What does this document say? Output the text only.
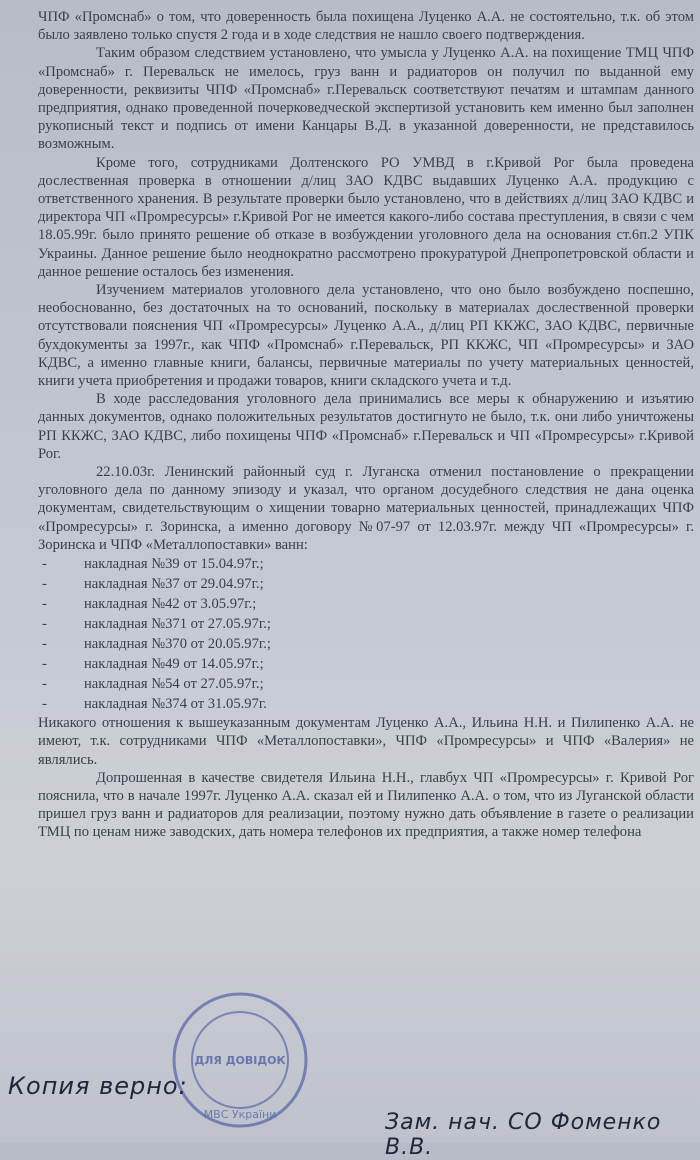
ЧПФ «Промснаб» о том, что доверенность была похищена Луценко А.А. не состоятельно, т.к. об этом было заявлено только спустя 2 года и в ходе следствия не нашло своего подтверждения.

Таким образом следствием установлено, что умысла у Луценко А.А. на похищение ТМЦ ЧПФ «Промснаб» г. Перевальск не имелось, груз ванн и радиаторов он получил по выданной ему доверенности, реквизиты ЧПФ «Промснаб» г.Перевальск соответствуют печатям и штампам данного предприятия, однако проведенной почерковедческой экспертизой установить кем именно был заполнен рукописный текст и подпись от имени Канцары В.Д. в указанной доверенности, не представилось возможным.

Кроме того, сотрудниками Долтенского РО УМВД в г.Кривой Рог была проведена дослественная проверка в отношении д/лиц ЗАО КДВС выдавших Луценко А.А. продукцию с ответственного хранения. В результате проверки было установлено, что в действиях д/лиц ЗАО КДВС и директора ЧП «Промресурсы» г.Кривой Рог не имеется какого-либо состава преступления, в связи с чем 18.05.99г. было принято решение об отказе в возбуждении уголовного дела на основания ст.6п.2 УПК Украины. Данное решение было неоднократно рассмотрено прокуратурой Днепропетровской области и данное решение осталось без изменения.

Изучением материалов уголовного дела установлено, что оно было возбуждено поспешно, необоснованно, без достаточных на то оснований, поскольку в материалах дослественной проверки отсутствовали пояснения ЧП «Промресурсы» Луценко А.А., д/лиц РП ККЖС, ЗАО КДВС, первичные бухдокументы за 1997г., как ЧПФ «Промснаб» г.Перевальск, РП ККЖС, ЧП «Промресурсы» и ЗАО КДВС, а именно главные книги, балансы, первичные материалы по учету материальных ценностей, книги учета приобретения и продажи товаров, книги складского учета и т.д.

В ходе расследования уголовного дела принимались все меры к обнаружению и изъятию данных документов, однако положительных результатов достигнуто не было, т.к. они либо уничтожены РП ККЖС, ЗАО КДВС, либо похищены ЧПФ «Промснаб» г.Перевальск и ЧП «Промресурсы» г.Кривой Рог.

22.10.03г. Ленинский районный суд г. Луганска отменил постановление о прекращении уголовного дела по данному эпизоду и указал, что органом досудебного следствия не дана оценка документам, свидетельствующим о хищении товарно материальных ценностей, принадлежащих ЧПФ «Промресурсы» г. Зоринска, а именно договору №07-97 от 12.03.97г. между ЧП «Промресурсы» г. Зоринска и ЧПФ «Металлопоставки» ванн:

-	накладная №39 от 15.04.97г.;
-	накладная №37 от 29.04.97г.;
-	накладная №42 от 3.05.97г.;
-	накладная №371 от 27.05.97г.;
-	накладная №370 от 20.05.97г.;
-	накладная №49 от 14.05.97г.;
-	накладная №54 от 27.05.97г.;
-	накладная №374 от 31.05.97г.

Никакого отношения к вышеуказанным документам Луценко А.А., Ильина Н.Н. и Пилипенко А.А. не имеют, т.к. сотрудниками ЧПФ «Металлопоставки», ЧПФ «Промресурсы» и ЧПФ «Валерия» не являлись.

Допрошенная в качестве свидетеля Ильина Н.Н., главбух ЧП «Промресурсы» г. Кривой Рог пояснила, что в начале 1997г. Луценко А.А. сказал ей и Пилипенко А.А. о том, что из Луганской области пришел груз ванн и радиаторов для реализации, поэтому нужно дать объявление в газете о реализации ТМЦ по ценам ниже заводских, дать номера телефонов их предприятия, а также номер телефона

МВС України
ДЛЯ ДОВІДОК
Копия верно:
Зам. нач. СО Фоменко В.В.
